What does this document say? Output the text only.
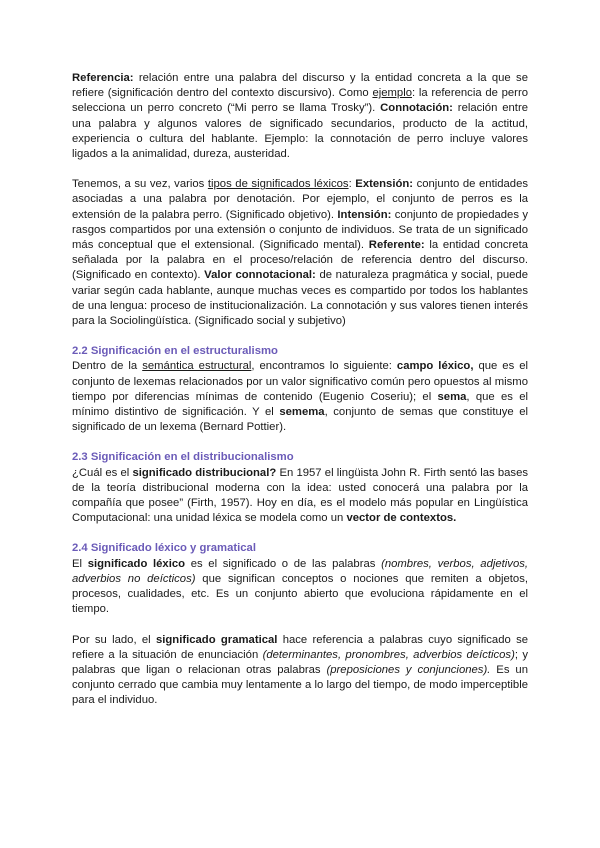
Referencia: relación entre una palabra del discurso y la entidad concreta a la que se refiere (significación dentro del contexto discursivo). Como ejemplo: la referencia de perro selecciona un perro concreto (“Mi perro se llama Trosky”). Connotación: relación entre una palabra y algunos valores de significado secundarios, producto de la actitud, experiencia o cultura del hablante. Ejemplo: la connotación de perro incluye valores ligados a la animalidad, dureza, austeridad.

Tenemos, a su vez, varios tipos de significados léxicos: Extensión: conjunto de entidades asociadas a una palabra por denotación. Por ejemplo, el conjunto de perros es la extensión de la palabra perro. (Significado objetivo). Intensión: conjunto de propiedades y rasgos compartidos por una extensión o conjunto de individuos. Se trata de un significado más conceptual que el extensional. (Significado mental). Referente: la entidad concreta señalada por la palabra en el proceso/relación de referencia dentro del discurso. (Significado en contexto). Valor connotacional: de naturaleza pragmática y social, puede variar según cada hablante, aunque muchas veces es compartido por todos los hablantes de una lengua: proceso de institucionalización. La connotación y sus valores tienen interés para la Sociolingüística. (Significado social y subjetivo)

2.2 Significación en el estructuralismo

Dentro de la semántica estructural, encontramos lo siguiente: campo léxico, que es el conjunto de lexemas relacionados por un valor significativo común pero opuestos al mismo tiempo por diferencias mínimas de contenido (Eugenio Coseriu); el sema, que es el mínimo distintivo de significación. Y el semema, conjunto de semas que constituye el significado de un lexema (Bernard Pottier).

2.3 Significación en el distribucionalismo

¿Cuál es el significado distribucional? En 1957 el lingüista John R. Firth sentó las bases de la teoría distribucional moderna con la idea: usted conocerá una palabra por la compañía que posee” (Firth, 1957). Hoy en día, es el modelo más popular en Lingüística Computacional: una unidad léxica se modela como un vector de contextos.

2.4 Significado léxico y gramatical

El significado léxico es el significado o de las palabras (nombres, verbos, adjetivos, adverbios no deícticos) que significan conceptos o nociones que remiten a objetos, procesos, cualidades, etc. Es un conjunto abierto que evoluciona rápidamente en el tiempo.

Por su lado, el significado gramatical hace referencia a palabras cuyo significado se refiere a la situación de enunciación (determinantes, pronombres, adverbios deícticos); y palabras que ligan o relacionan otras palabras (preposiciones y conjunciones). Es un conjunto cerrado que cambia muy lentamente a lo largo del tiempo, de modo imperceptible para el individuo.
